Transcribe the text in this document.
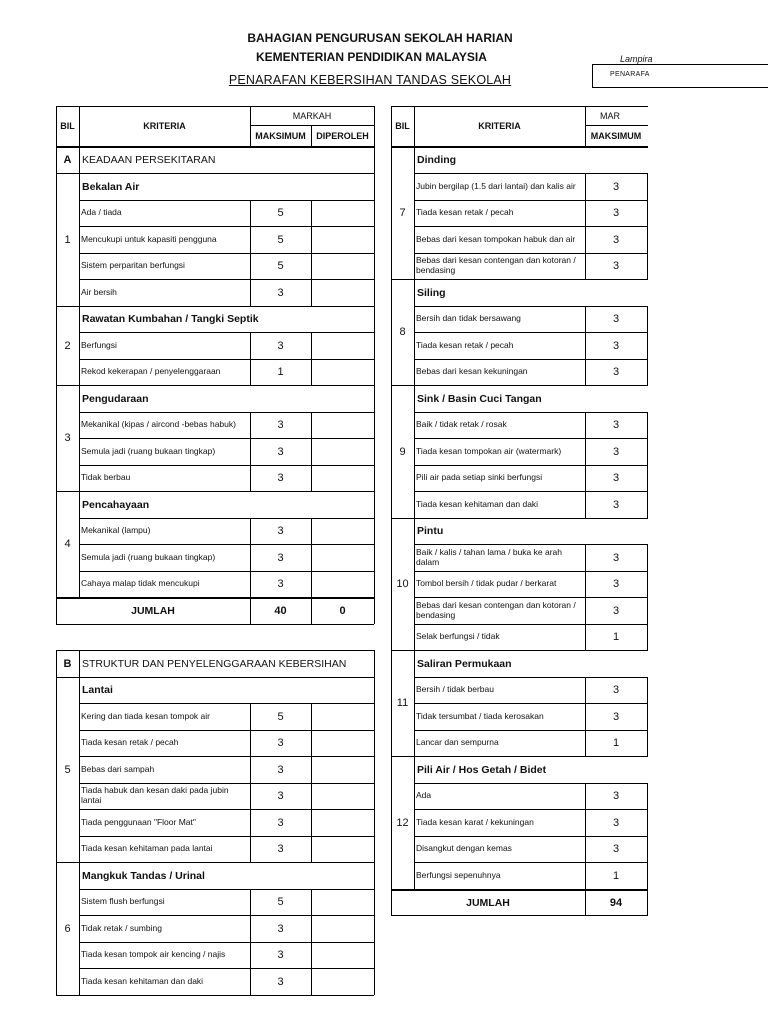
BAHAGIAN PENGURUSAN SEKOLAH HARIAN
KEMENTERIAN PENDIDIKAN MALAYSIA
PENARAFAN KEBERSIHAN TANDAS SEKOLAH
Lampira
PENARAFA
BIL	KRITERIA
MARKAH
MAKSIMUM	DIPEROLEH
A	KEADAAN PERSEKITARAN
Bekalan Air
1
Ada / tiada	5
Mencukupi untuk kapasiti pengguna	5
Sistem perparitan berfungsi	5
Air bersih	3
Rawatan Kumbahan / Tangki Septik
2	Berfungsi	3
Rekod kekerapan / penyelenggaraan	1
Pengudaraan
3
Mekanikal (kipas / aircond -bebas habuk)	3
Semula jadi (ruang bukaan tingkap)	3
Tidak berbau	3
Pencahayaan
4
Mekanikal (lampu)	3
Semula jadi (ruang bukaan tingkap)	3
Cahaya malap tidak mencukupi	3
JUMLAH	40	0
B	STRUKTUR DAN PENYELENGGARAAN KEBERSIHAN
Lantai
5
Kering dan tiada kesan tompok air	5
Tiada kesan retak / pecah	3
Bebas dari sampah	3
Tiada habuk dan kesan daki pada jubin lantai	3
Tiada penggunaan "Floor Mat"	3
Tiada kesan kehitaman pada lantai	3
Mangkuk Tandas / Urinal
6
Sistem flush berfungsi	5
Tidak retak / sumbing	3
Tiada kesan tompok air kencing / najis	3
Tiada kesan kehitaman dan daki	3
BIL	KRITERIA
MAR
MAKSIMUM
Dinding
7
Jubin bergilap (1.5 dari lantai) dan kalis air	3
Tiada kesan retak / pecah	3
Bebas dari kesan tompokan habuk dan air	3
Bebas dari kesan contengan dan kotoran / bendasing	3
Siling
8
Bersih dan tidak bersawang	3
Tiada kesan retak / pecah	3
Bebas dari kesan kekuningan	3
Sink / Basin Cuci Tangan
9
Baik / tidak retak / rosak	3
Tiada kesan tompokan air (watermark)	3
Pili air pada setiap sinki berfungsi	3
Tiada kesan kehitaman dan daki	3
Pintu
10
Baik / kalis / tahan lama / buka ke arah dalam	3
Tombol bersih / tidak pudar / berkarat	3
Bebas dari kesan contengan dan kotoran / bendasing	3
Selak berfungsi / tidak	1
Saliran Permukaan
11
Bersih / tidak berbau	3
Tidak tersumbat / tiada kerosakan	3
Lancar dan sempurna	1
Pili Air / Hos Getah / Bidet
12
Ada	3
Tiada kesan karat / kekuningan	3
Disangkut dengan kemas	3
Berfungsi sepenuhnya	1
JUMLAH	94
